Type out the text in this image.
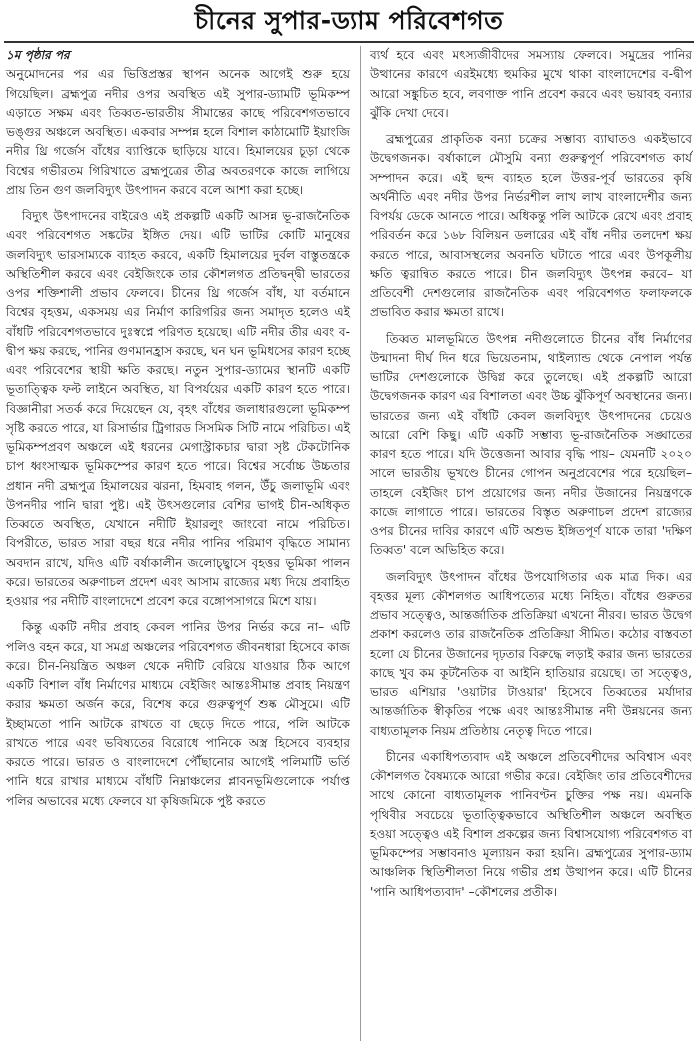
চীনের সুপার-ড্যাম পরিবেশগত
১ম পৃষ্ঠার পর

অনুমোদনের পর এর ভিত্তিপ্রস্তর স্থাপন অনেক আগেই শুরু হয়ে গিয়েছিল। ব্রহ্মপুত্র নদীর ওপর অবস্থিত এই সুপার-ড্যামটি ভূমিকম্প এড়াতে সক্ষম এবং তিব্বত-ভারতীয় সীমান্তের কাছে পরিবেশগতভাবে ভঙ্গুর অঞ্চলে অবস্থিত। একবার সম্পন্ন হলে বিশাল কাঠামোটি ইয়াংজি নদীর থ্রি গর্জেস বাঁধের ব্যাপ্তিকে ছাড়িয়ে যাবে। হিমালয়ের চূড়া থেকে বিশ্বের গভীরতম গিরিখাতে ব্রহ্মপুত্রের তীব্র অবতরণকে কাজে লাগিয়ে প্রায় তিন গুণ জলবিদ্যুৎ উৎপাদন করবে বলে আশা করা হচ্ছে।

বিদ্যুৎ উৎপাদনের বাইরেও এই প্রকল্পটি একটি আসন্ন ভূ-রাজনৈতিক এবং পরিবেশগত সঙ্কটের ইঙ্গিত দেয়। এটি ভাটির কোটি মানুষের জলবিদ্যুৎ ভারসাম্যকে ব্যাহত করবে, একটি হিমালয়ের দুর্বল বাস্তুতন্ত্রকে অস্থিতিশীল করবে এবং বেইজিংকে তার কৌশলগত প্রতিদ্বন্দ্বী ভারতের ওপর শক্তিশালী প্রভাব ফেলবে। চীনের থ্রি গর্জেস বাঁধ, যা বর্তমানে বিশ্বের বৃহত্তম, একসময় এর নির্মাণ কারিগরির জন্য সমাদৃত হলেও এই বাঁধটি পরিবেশগতভাবে দুঃস্বপ্নে পরিণত হয়েছে। এটি নদীর তীর এবং ব-দ্বীপ ক্ষয় করছে, পানির গুণমানহ্রাস করছে, ঘন ঘন ভূমিধসের কারণ হচ্ছে এবং পরিবেশের স্থায়ী ক্ষতি করছে। নতুন সুপার-ড্যামের স্থানটি একটি ভূতাত্ত্বিক ফল্ট লাইনে অবস্থিত, যা বিপর্যয়ের একটি কারণ হতে পারে। বিজ্ঞানীরা সতর্ক করে দিয়েছেন যে, বৃহৎ বাঁধের জলাধারগুলো ভূমিকম্প সৃষ্টি করতে পারে, যা রিসার্ভার ট্রিগারড সিসমিক সিটি নামে পরিচিত। এই ভূমিকম্পপ্রবণ অঞ্চলে এই ধরনের মেগাস্ট্রাকচার দ্বারা সৃষ্ট টেকটোনিক চাপ ধ্বংসাত্মক ভূমিকম্পের কারণ হতে পারে। বিশ্বের সর্বোচ্চ উচ্চতার প্রধান নদী ব্রহ্মপুত্র হিমালয়ের ঝরনা, হিমবাহ গলন, উঁচু জলাভূমি এবং উপনদীর পানি দ্বারা পুষ্ট। এই উৎসগুলোর বেশির ভাগই চীন-অধিকৃত তিব্বতে অবস্থিত, যেখানে নদীটি ইয়ারলুং জাংবো নামে পরিচিত। বিপরীতে, ভারত সারা বছর ধরে নদীর পানির পরিমাণ বৃদ্ধিতে সামান্য অবদান রাখে, যদিও এটি বর্ষাকালীন জলোচ্ছ্বাসে বৃহত্তর ভূমিকা পালন করে। ভারতের অরুণাচল প্রদেশ এবং আসাম রাজ্যের মধ্য দিয়ে প্রবাহিত হওয়ার পর নদীটি বাংলাদেশে প্রবেশ করে বঙ্গোপসাগরে মিশে যায়।

কিন্তু একটি নদীর প্রবাহ কেবল পানির উপর নির্ভর করে না– এটি পলিও বহন করে, যা সমগ্র অঞ্চলের পরিবেশগত জীবনধারা হিসেবে কাজ করে। চীন-নিয়ন্ত্রিত অঞ্চল থেকে নদীটি বেরিয়ে যাওয়ার ঠিক আগে একটি বিশাল বাঁধ নির্মাণের মাধ্যমে বেইজিং আন্তঃসীমান্ত প্রবাহ নিয়ন্ত্রণ করার ক্ষমতা অর্জন করে, বিশেষ করে গুরুত্বপূর্ণ শুষ্ক মৌসুমে। এটি ইচ্ছামতো পানি আটকে রাখতে বা ছেড়ে দিতে পারে, পলি আটকে রাখতে পারে এবং ভবিষ্যতের বিরোধে পানিকে অস্ত্র হিসেবে ব্যবহার করতে পারে। ভারত ও বাংলাদেশে পৌঁছানোর আগেই পলিমাটি ভর্তি পানি ধরে রাখার মাধ্যমে বাঁধটি নিম্নাঞ্চলের প্লাবনভূমিগুলোকে পর্যাপ্ত পলির অভাবের মধ্যে ফেলবে যা কৃষিজমিকে পুষ্ট করতে

ব্যর্থ হবে এবং মৎস্যজীবীদের সমস্যায় ফেলবে। সমুদ্রের পানির উত্থানের কারণে এরইমধ্যে হুমকির মুখে থাকা বাংলাদেশের ব-দ্বীপ আরো সঙ্কুচিত হবে, লবণাক্ত পানি প্রবেশ করবে এবং ভয়াবহ বন্যার ঝুঁকি দেখা দেবে।

ব্রহ্মপুত্রের প্রাকৃতিক বন্যা চক্রের সম্ভাব্য ব্যাঘাতও একইভাবে উদ্বেগজনক। বর্ষাকালে মৌসুমি বন্যা গুরুত্বপূর্ণ পরিবেশগত কার্য সম্পাদন করে। এই ছন্দ ব্যাহত হলে উত্তর-পূর্ব ভারতের কৃষি অর্থনীতি এবং নদীর উপর নির্ভরশীল লাখ লাখ বাংলাদেশীর জন্য বিপর্যয় ডেকে আনতে পারে। অধিকন্তু পলি আটকে রেখে এবং প্রবাহ পরিবর্তন করে ১৬৮ বিলিয়ন ডলারের এই বাঁধ নদীর তলদেশ ক্ষয় করতে পারে, আবাসস্থলের অবনতি ঘটাতে পারে এবং উপকূলীয় ক্ষতি ত্বরান্বিত করতে পারে। চীন জলবিদ্যুৎ উৎপন্ন করবে– যা প্রতিবেশী দেশগুলোর রাজনৈতিক এবং পরিবেশগত ফলাফলকে প্রভাবিত করার ক্ষমতা রাখে।

তিব্বত মালভূমিতে উৎপন্ন নদীগুলোতে চীনের বাঁধ নির্মাণের উন্মাদনা দীর্ঘ দিন ধরে ভিয়েতনাম, থাইল্যান্ড থেকে নেপাল পর্যন্ত ভাটির দেশগুলোকে উদ্বিগ্ন করে তুলেছে। এই প্রকল্পটি আরো উদ্বেগজনক কারণ এর বিশালতা এবং উচ্চ ঝুঁকিপূর্ণ অবস্থানের জন্য। ভারতের জন্য এই বাঁধটি কেবল জলবিদ্যুৎ উৎপাদনের চেয়েও আরো বেশি কিছু। এটি একটি সম্ভাব্য ভূ-রাজনৈতিক সঙ্ঘাতের কারণ হতে পারে। যদি উত্তেজনা আবার বৃদ্ধি পায়– যেমনটি ২০২০ সালে ভারতীয় ভূখণ্ডে চীনের গোপন অনুপ্রবেশের পরে হয়েছিল– তাহলে বেইজিং চাপ প্রয়োগের জন্য নদীর উজানের নিয়ন্ত্রণকে কাজে লাগাতে পারে। ভারতের বিস্তৃত অরুণাচল প্রদেশ রাজ্যের ওপর চীনের দাবির কারণে এটি অশুভ ইঙ্গিতপূর্ণ যাকে তারা 'দক্ষিণ তিব্বত' বলে অভিহিত করে।

জলবিদ্যুৎ উৎপাদন বাঁধের উপযোগিতার এক মাত্র দিক। এর বৃহত্তর মূল্য কৌশলগত আধিপত্যের মধ্যে নিহিত। বাঁধের গুরুতর প্রভাব সত্ত্বেও, আন্তর্জাতিক প্রতিক্রিয়া এখনো নীরব। ভারত উদ্বেগ প্রকাশ করলেও তার রাজনৈতিক প্রতিক্রিয়া সীমিত। কঠোর বাস্তবতা হলো যে চীনের উজানের দৃঢ়তার বিরুদ্ধে লড়াই করার জন্য ভারতের কাছে খুব কম কূটনৈতিক বা আইনি হাতিয়ার রয়েছে। তা সত্ত্বেও, ভারত এশিয়ার 'ওয়াটার টাওয়ার' হিসেবে তিব্বতের মর্যাদার আন্তর্জাতিক স্বীকৃতির পক্ষে এবং আন্তঃসীমান্ত নদী উন্নয়নের জন্য বাধ্যতামূলক নিয়ম প্রতিষ্ঠায় নেতৃত্ব দিতে পারে।

চীনের একাধিপত্যবাদ এই অঞ্চলে প্রতিবেশীদের অবিশ্বাস এবং কৌশলগত বৈষম্যকে আরো গভীর করে। বেইজিং তার প্রতিবেশীদের সাথে কোনো বাধ্যতামূলক পানিবণ্টন চুক্তির পক্ষ নয়। এমনকি পৃথিবীর সবচেয়ে ভূতাত্ত্বিকভাবে অস্থিতিশীল অঞ্চলে অবস্থিত হওয়া সত্ত্বেও এই বিশাল প্রকল্পের জন্য বিশ্বাসযোগ্য পরিবেশগত বা ভূমিকম্পের সম্ভাবনাও মূল্যায়ন করা হয়নি। ব্রহ্মপুত্রের সুপার-ড্যাম আঞ্চলিক স্থিতিশীলতা নিয়ে গভীর প্রশ্ন উত্থাপন করে। এটি চীনের 'পানি আধিপত্যবাদ' –কৌশলের প্রতীক।
